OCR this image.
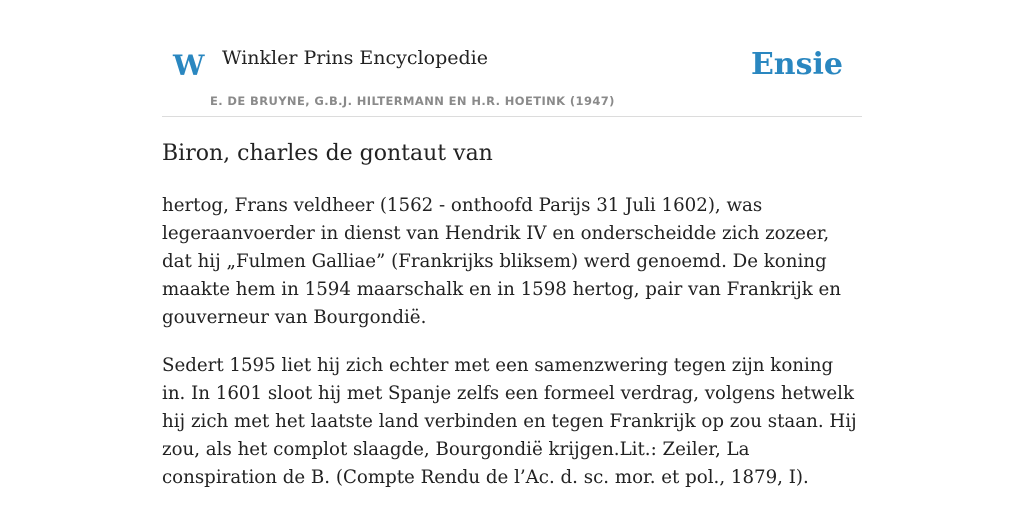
W Winkler Prins Encyclopedie
E. DE BRUYNE, G.B.J. HILTERMANN EN H.R. HOETINK (1947)
Ensie
Biron, charles de gontaut van

hertog, Frans veldheer (1562 - onthoofd Parijs 31 Juli 1602), was legeraanvoerder in dienst van Hendrik IV en onderscheidde zich zozeer, dat hij „Fulmen Galliae” (Frankrijks bliksem) werd genoemd. De koning maakte hem in 1594 maarschalk en in 1598 hertog, pair van Frankrijk en gouverneur van Bourgondië.

Sedert 1595 liet hij zich echter met een samenzwering tegen zijn koning in. In 1601 sloot hij met Spanje zelfs een formeel verdrag, volgens hetwelk hij zich met het laatste land verbinden en tegen Frankrijk op zou staan. Hij zou, als het complot slaagde, Bourgondië krijgen.Lit.: Zeiler, La conspiration de B. (Compte Rendu de l’Ac. d. sc. mor. et pol., 1879, I).
